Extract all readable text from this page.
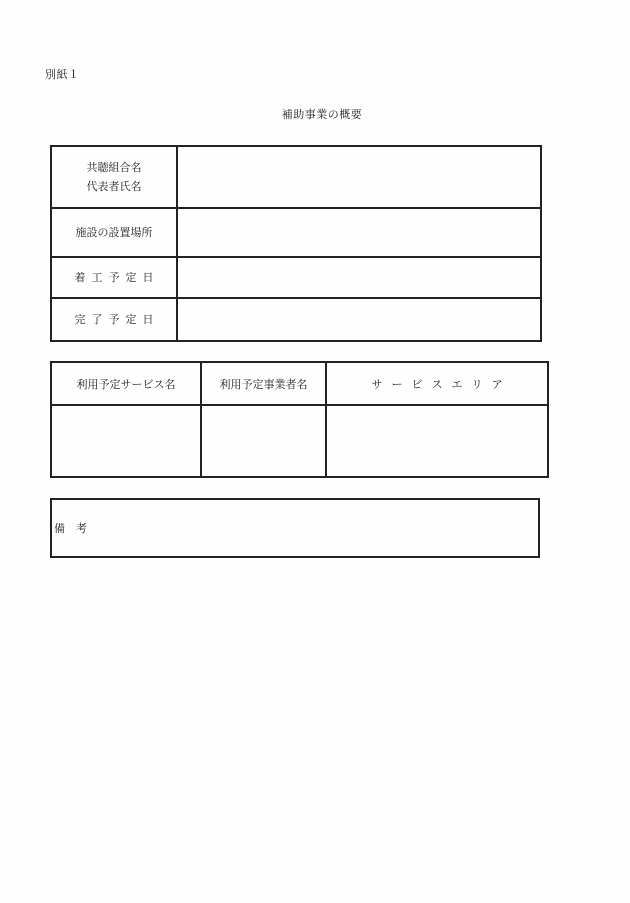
別紙１
補助事業の概要
共聴組合名
代表者氏名	

施設の設置場所	
着工予定日	
完了予定日	
利用予定サービス名	利用予定事業者名	サービスエリア

備考
